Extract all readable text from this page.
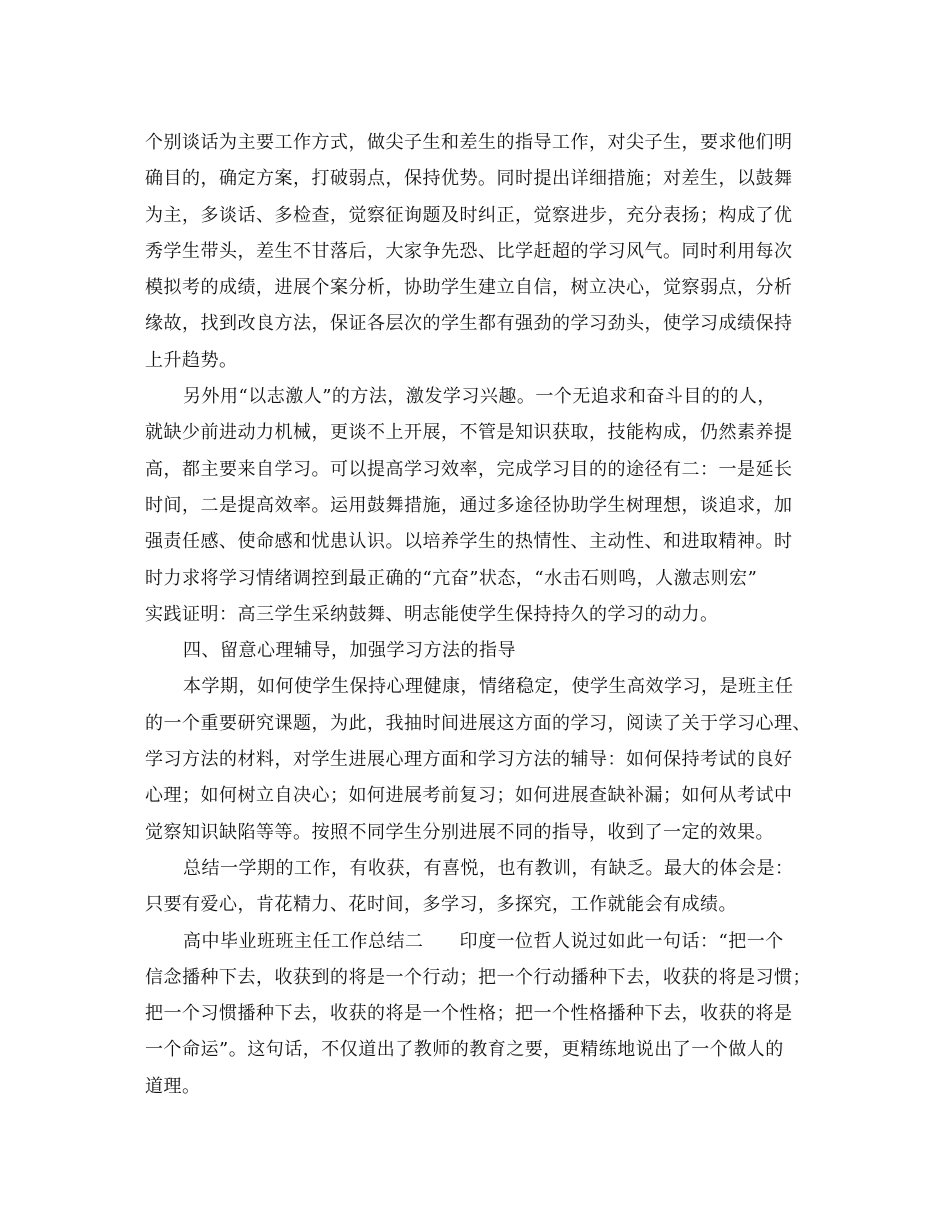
个别谈话为主要工作方式，做尖子生和差生的指导工作，对尖子生，要求他们明
确目的，确定方案，打破弱点，保持优势。同时提出详细措施；对差生，以鼓舞
为主，多谈话、多检查，觉察征询题及时纠正，觉察进步，充分表扬；构成了优
秀学生带头，差生不甘落后，大家争先恐、比学赶超的学习风气。同时利用每次
模拟考的成绩，进展个案分析，协助学生建立自信，树立决心，觉察弱点，分析
缘故，找到改良方法，保证各层次的学生都有强劲的学习劲头，使学习成绩保持
上升趋势。
另外用“以志激人”的方法，激发学习兴趣。一个无追求和奋斗目的的人，
就缺少前进动力机械，更谈不上开展，不管是知识获取，技能构成，仍然素养提
高，都主要来自学习。可以提高学习效率，完成学习目的的途径有二：一是延长
时间，二是提高效率。运用鼓舞措施，通过多途径协助学生树理想，谈追求，加
强责任感、使命感和忧患认识。以培养学生的热情性、主动性、和进取精神。时
时力求将学习情绪调控到最正确的“亢奋”状态，“水击石则鸣，人激志则宏”
实践证明：高三学生采纳鼓舞、明志能使学生保持持久的学习的动力。
四、留意心理辅导，加强学习方法的指导
本学期，如何使学生保持心理健康，情绪稳定，使学生高效学习，是班主任
的一个重要研究课题，为此，我抽时间进展这方面的学习，阅读了关于学习心理、
学习方法的材料，对学生进展心理方面和学习方法的辅导：如何保持考试的良好
心理；如何树立自决心；如何进展考前复习；如何进展查缺补漏；如何从考试中
觉察知识缺陷等等。按照不同学生分别进展不同的指导，收到了一定的效果。
总结一学期的工作，有收获，有喜悦，也有教训，有缺乏。最大的体会是：
只要有爱心，肯花精力、花时间，多学习，多探究，工作就能会有成绩。
高中毕业班班主任工作总结二 印度一位哲人说过如此一句话：“把一个
信念播种下去，收获到的将是一个行动；把一个行动播种下去，收获的将是习惯；
把一个习惯播种下去，收获的将是一个性格；把一个性格播种下去，收获的将是
一个命运”。这句话，不仅道出了教师的教育之要，更精练地说出了一个做人的
道理。
